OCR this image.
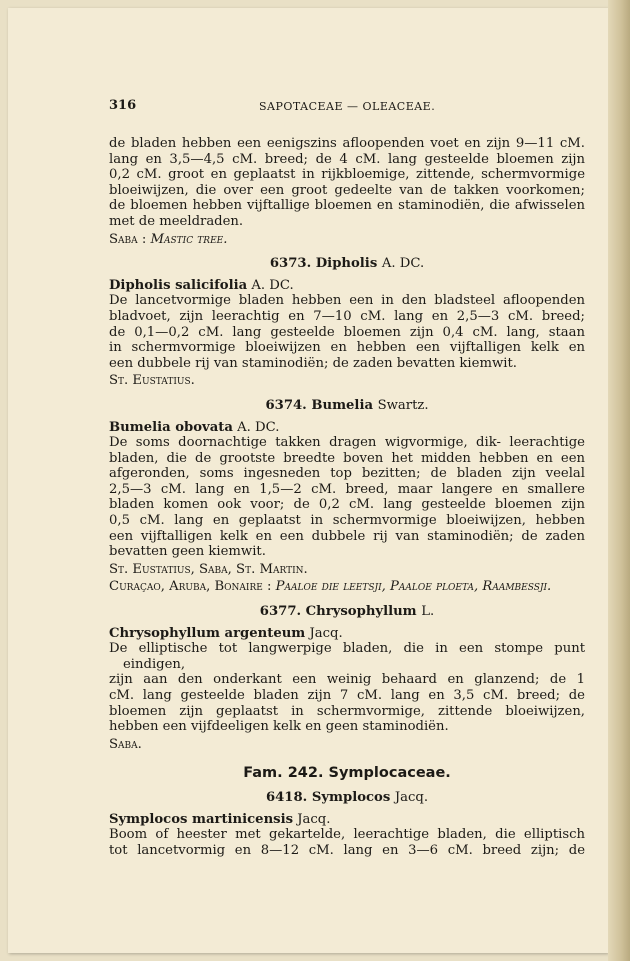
316	SAPOTACEAE — OLEACEAE.
de bladen hebben een eenigszins afloopenden voet en zijn 9—11 cM.
lang en 3,5—4,5 cM. breed; de 4 cM. lang gesteelde bloemen zijn
0,2 cM. groot en geplaatst in rijkbloemige, zittende, schermvormige
bloeiwijzen, die over een groot gedeelte van de takken voorkomen;
de bloemen hebben vijftallige bloemen en staminodiën, die afwisselen
met de meeldraden.
Saba : Mastic tree.
6373. Dipholis A. DC.
Dipholis salicifolia A. DC.
De lancetvormige bladen hebben een in den bladsteel afloopenden
bladvoet, zijn leerachtig en 7—10 cM. lang en 2,5—3 cM. breed;
de 0,1—0,2 cM. lang gesteelde bloemen zijn 0,4 cM. lang, staan
in schermvormige bloeiwijzen en hebben een vijftalligen kelk en
een dubbele rij van staminodiën; de zaden bevatten kiemwit.
St. Eustatius.
6374. Bumelia Swartz.
Bumelia obovata A. DC.
De soms doornachtige takken dragen wigvormige, dik- leerachtige
bladen, die de grootste breedte boven het midden hebben en een
afgeronden, soms ingesneden top bezitten; de bladen zijn veelal
2,5—3 cM. lang en 1,5—2 cM. breed, maar langere en smallere
bladen komen ook voor; de 0,2 cM. lang gesteelde bloemen zijn
0,5 cM. lang en geplaatst in schermvormige bloeiwijzen, hebben
een vijftalligen kelk en een dubbele rij van staminodiën; de zaden
bevatten geen kiemwit.
St. Eustatius, Saba, St. Martin.
Curaçao, Aruba, Bonaire : Paaloe die leetsji, Paaloe ploeta, Raambessji.
6377. Chrysophyllum L.
Chrysophyllum argenteum Jacq.
De elliptische tot langwerpige bladen, die in een stompe punt eindigen,
zijn aan den onderkant een weinig behaard en glanzend; de 1
cM. lang gesteelde bladen zijn 7 cM. lang en 3,5 cM. breed; de
bloemen zijn geplaatst in schermvormige, zittende bloeiwijzen,
hebben een vijfdeeligen kelk en geen staminodiën.
Saba.
Fam. 242. Symplocaceae.
6418. Symplocos Jacq.
Symplocos martinicensis Jacq.
Boom of heester met gekartelde, leerachtige bladen, die elliptisch
tot lancetvormig en 8—12 cM. lang en 3—6 cM. breed zijn; de
